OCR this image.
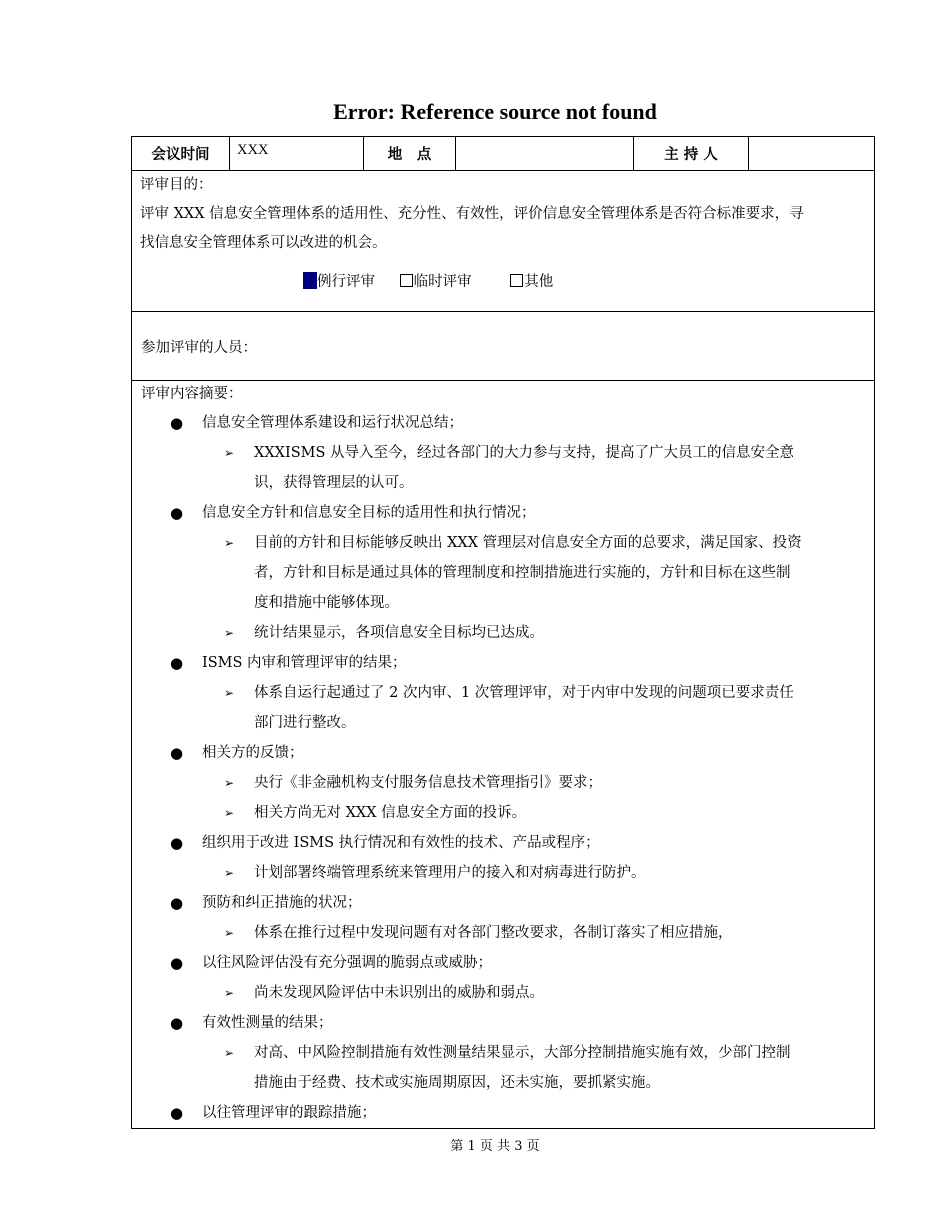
Error: Reference source not found
会议时间	XXX	地　点		主 持 人	

评审目的：
评审 XXX 信息安全管理体系的适用性、充分性、有效性，评价信息安全管理体系是否符合标准要求，寻
找信息安全管理体系可以改进的机会。
例行评审	临时评审	其他

参加评审的人员：

评审内容摘要：
● 信息安全管理体系建设和运行状况总结；
➢ XXXISMS 从导入至今，经过各部门的大力参与支持，提高了广大员工的信息安全意
识，获得管理层的认可。
● 信息安全方针和信息安全目标的适用性和执行情况；
➢ 目前的方针和目标能够反映出 XXX 管理层对信息安全方面的总要求，满足国家、投资
者，方针和目标是通过具体的管理制度和控制措施进行实施的，方针和目标在这些制
度和措施中能够体现。
➢ 统计结果显示，各项信息安全目标均已达成。
● ISMS 内审和管理评审的结果；
➢ 体系自运行起通过了 2 次内审、1 次管理评审，对于内审中发现的问题项已要求责任
部门进行整改。
● 相关方的反馈；
➢ 央行《非金融机构支付服务信息技术管理指引》要求；
➢ 相关方尚无对 XXX 信息安全方面的投诉。
● 组织用于改进 ISMS 执行情况和有效性的技术、产品或程序；
➢ 计划部署终端管理系统来管理用户的接入和对病毒进行防护。
● 预防和纠正措施的状况；
➢ 体系在推行过程中发现问题有对各部门整改要求，各制订落实了相应措施，
● 以往风险评估没有充分强调的脆弱点或威胁；
➢ 尚未发现风险评估中未识别出的威胁和弱点。
● 有效性测量的结果；
➢ 对高、中风险控制措施有效性测量结果显示，大部分控制措施实施有效，少部门控制
措施由于经费、技术或实施周期原因，还未实施，要抓紧实施。
● 以往管理评审的跟踪措施；
第 1 页 共 3 页
